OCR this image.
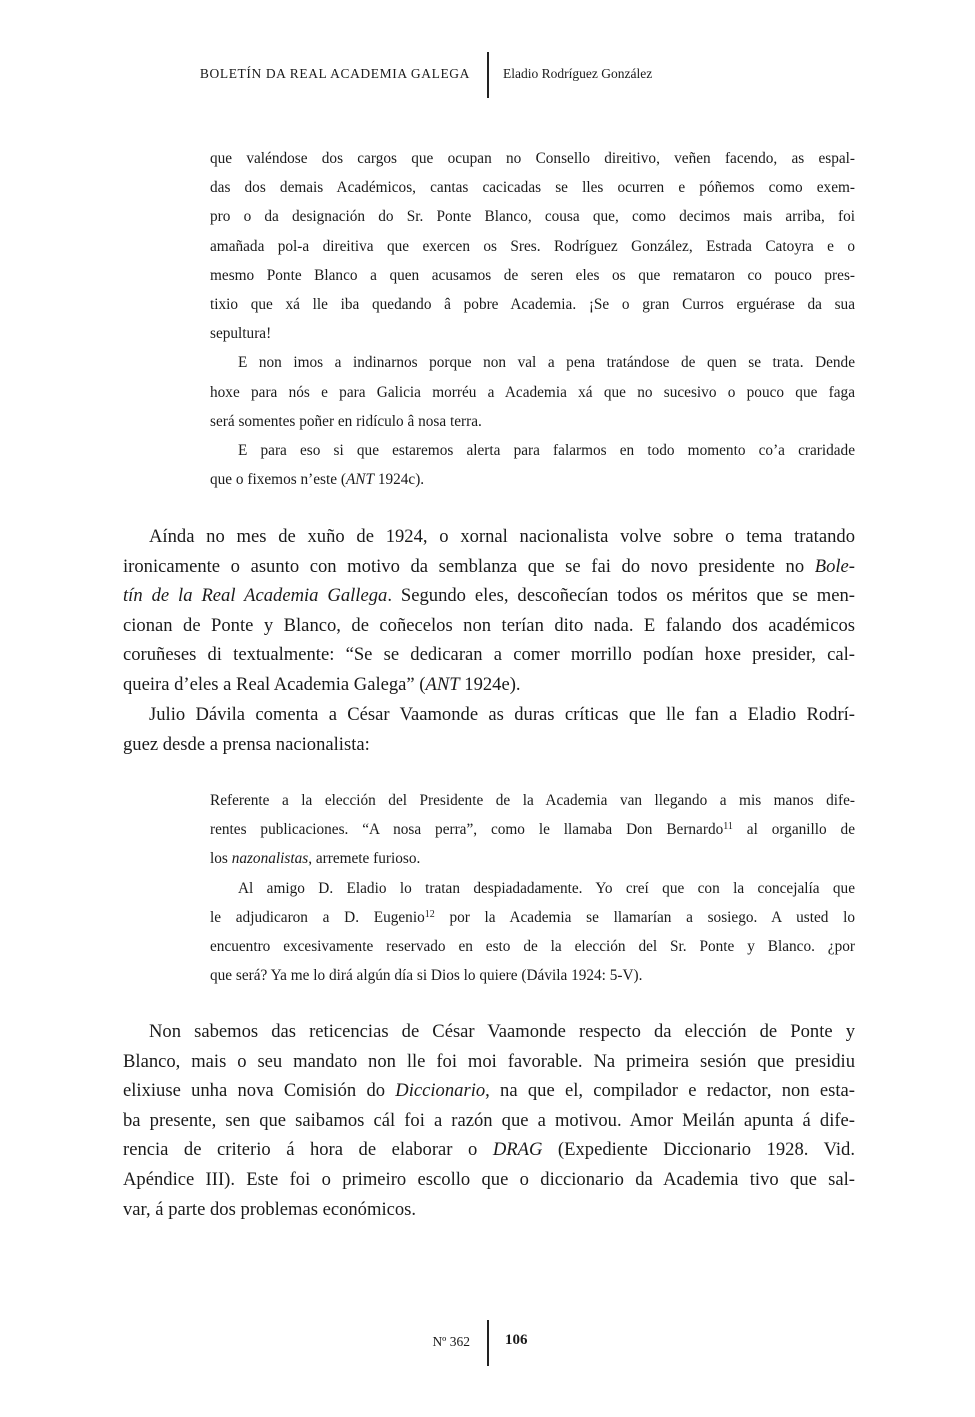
BOLETÍN DA REAL ACADEMIA GALEGA Eladio Rodríguez González
que valéndose dos cargos que ocupan no Consello direitivo, veñen facendo, as espal-
das dos demais Académicos, cantas cacicadas se lles ocurren e póñemos como exem-
pro o da designación do Sr. Ponte Blanco, cousa que, como decimos mais arriba, foi
amañada pol-a direitiva que exercen os Sres. Rodríguez González, Estrada Catoyra e o
mesmo Ponte Blanco a quen acusamos de seren eles os que remataron co pouco pres-
tixio que xá lle iba quedando â pobre Academia. ¡Se o gran Curros erguérase da sua
sepultura!
E non imos a indinarnos porque non val a pena tratándose de quen se trata. Dende
hoxe para nós e para Galicia morréu a Academia xá que no sucesivo o pouco que faga
será somentes poñer en ridículo â nosa terra.
E para eso si que estaremos alerta para falarmos en todo momento co’a craridade
que o fixemos n’este (ANT 1924c).
Aínda no mes de xuño de 1924, o xornal nacionalista volve sobre o tema tratando
ironicamente o asunto con motivo da semblanza que se fai do novo presidente no Bole-
tín de la Real Academia Gallega. Segundo eles, descoñecían todos os méritos que se men-
cionan de Ponte y Blanco, de coñecelos non terían dito nada. E falando dos académicos
coruñeses di textualmente: “Se se dedicaran a comer morrillo podían hoxe presider, cal-
queira d’eles a Real Academia Galega” (ANT 1924e).
Julio Dávila comenta a César Vaamonde as duras críticas que lle fan a Eladio Rodrí-
guez desde a prensa nacionalista:
Referente a la elección del Presidente de la Academia van llegando a mis manos dife-
rentes publicaciones. “A nosa perra”, como le llamaba Don Bernardo$^{11}$ al organillo de
los nazonalistas, arremete furioso.
Al amigo D. Eladio lo tratan despiadadamente. Yo creí que con la concejalía que
le adjudicaron a D. Eugenio$^{12}$ por la Academia se llamarían a sosiego. A usted lo
encuentro excesivamente reservado en esto de la elección del Sr. Ponte y Blanco. ¿por
que será? Ya me lo dirá algún día si Dios lo quiere (Dávila 1924: 5-V).
Non sabemos das reticencias de César Vaamonde respecto da elección de Ponte y
Blanco, mais o seu mandato non lle foi moi favorable. Na primeira sesión que presidiu
elixiuse unha nova Comisión do Diccionario, na que el, compilador e redactor, non esta-
ba presente, sen que saibamos cál foi a razón que a motivou. Amor Meilán apunta á dife-
rencia de criterio á hora de elaborar o DRAG (Expediente Diccionario 1928. Vid.
Apéndice III). Este foi o primeiro escollo que o diccionario da Academia tivo que sal-
var, á parte dos problemas económicos.
Nº 362 106
